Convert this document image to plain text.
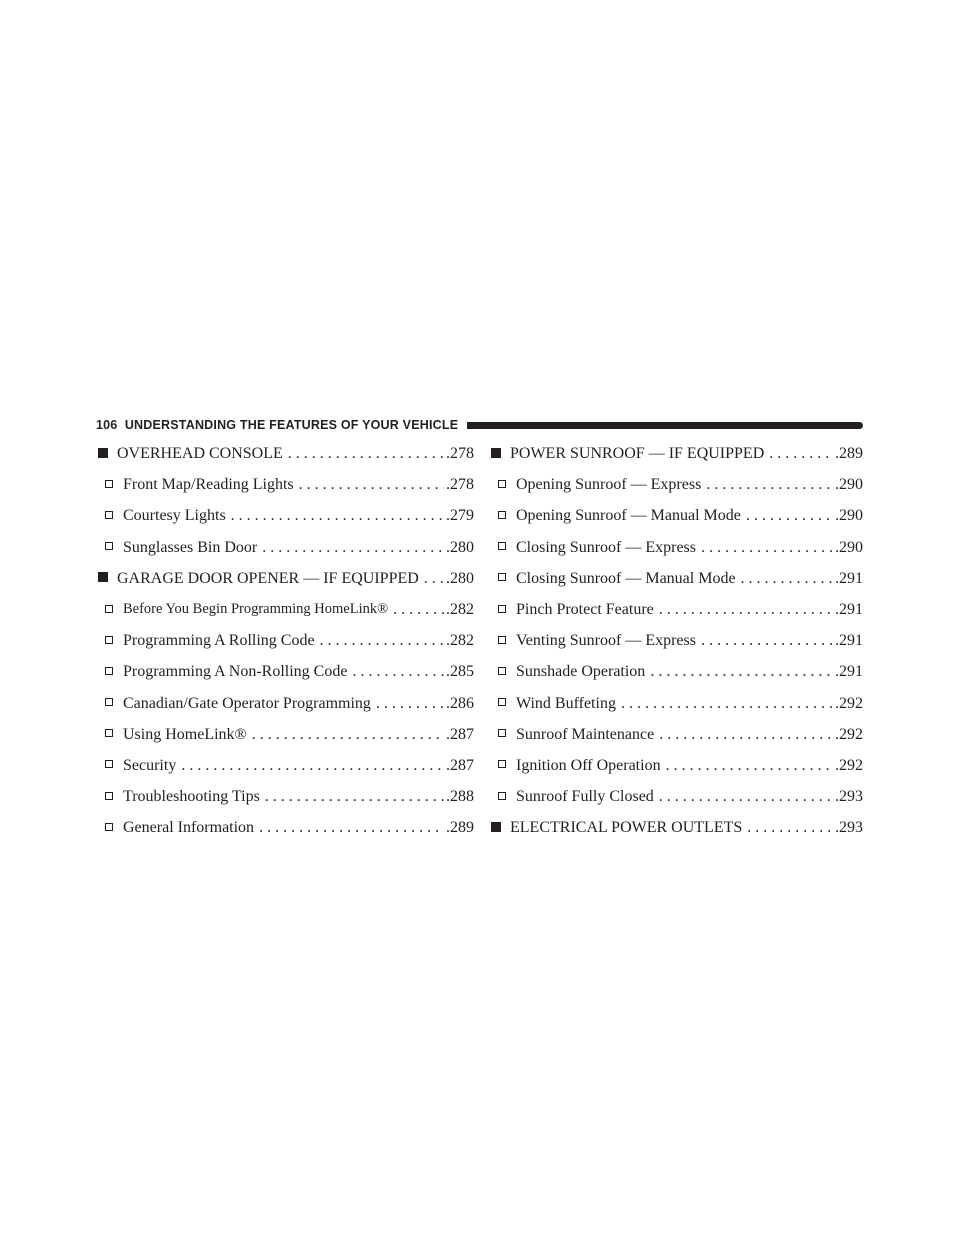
106 UNDERSTANDING THE FEATURES OF YOUR VEHICLE
OVERHEAD CONSOLE . . .	.278
Front Map/Reading Lights . . .	.278
Courtesy Lights . . .	.279
Sunglasses Bin Door . . .	.280
GARAGE DOOR OPENER — IF EQUIPPED . . . .280
Before You Begin Programming HomeLink® . . .	.282
Programming A Rolling Code . . .	.282
Programming A Non-Rolling Code . . .	.285
Canadian/Gate Operator Programming . . .	.286
Using HomeLink® . . .	.287
Security . . .	.287
Troubleshooting Tips . . .	.288
General Information . . .	.289
POWER SUNROOF — IF EQUIPPED . . .	.289
Opening Sunroof — Express . . .	.290
Opening Sunroof — Manual Mode . . .	.290
Closing Sunroof — Express . . .	.290
Closing Sunroof — Manual Mode . . .	.291
Pinch Protect Feature . . .	.291
Venting Sunroof — Express . . .	.291
Sunshade Operation . . .	.291
Wind Buffeting . . .	.292
Sunroof Maintenance . . .	.292
Ignition Off Operation . . .	.292
Sunroof Fully Closed . . .	.293
ELECTRICAL POWER OUTLETS . . .	.293
